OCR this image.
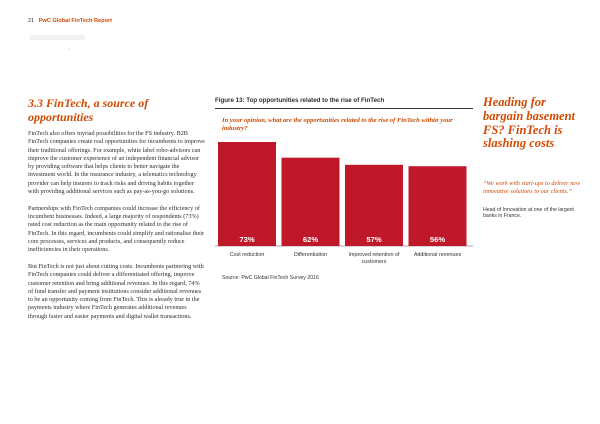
21 PwC Global FinTech Report
3.3 FinTech, a source of opportunities

FinTech also offers myriad possibilities for the FS industry. B2B FinTech companies create real opportunities for incumbents to improve their traditional offerings. For example, white label robo-advisors can improve the customer experience of an independent financial advisor by providing software that helps clients to better navigate the investment world. In the insurance industry, a telematics technology provider can help insurers to track risks and driving habits together with providing additional services such as pay-as-you-go solutions.

Partnerships with FinTech companies could increase the efficiency of incumbent businesses. Indeed, a large majority of respondents (73%) rated cost reduction as the main opportunity related to the rise of FinTech. In this regard, incumbents could simplify and rationalise their core processes, services and products, and consequently reduce inefficiencies in their operations.

But FinTech is not just about cutting costs. Incumbents partnering with FinTech companies could deliver a differentiated offering, improve customer retention and bring additional revenues. In this regard, 74% of fund transfer and payment institutions consider additional revenues to be an opportunity coming from FinTech. This is already true in the payments industry where FinTech generates additional revenues through faster and easier payments and digital wallet transactions.

Figure 13: Top opportunities related to the rise of FinTech
In your opinion, what are the opportunities related to the rise of FinTech within your industry?
73%	62%	57%	56%
Cost reduction	Differentiation	Improved retention of customers
Additional revenues
Source: PwC Global FinTech Survey 2016
Heading for bargain basement FS? FinTech is slashing costs
“We work with start-ups to deliver new innovative solutions to our clients.”
Head of Innovation at one of the largest banks in France.
